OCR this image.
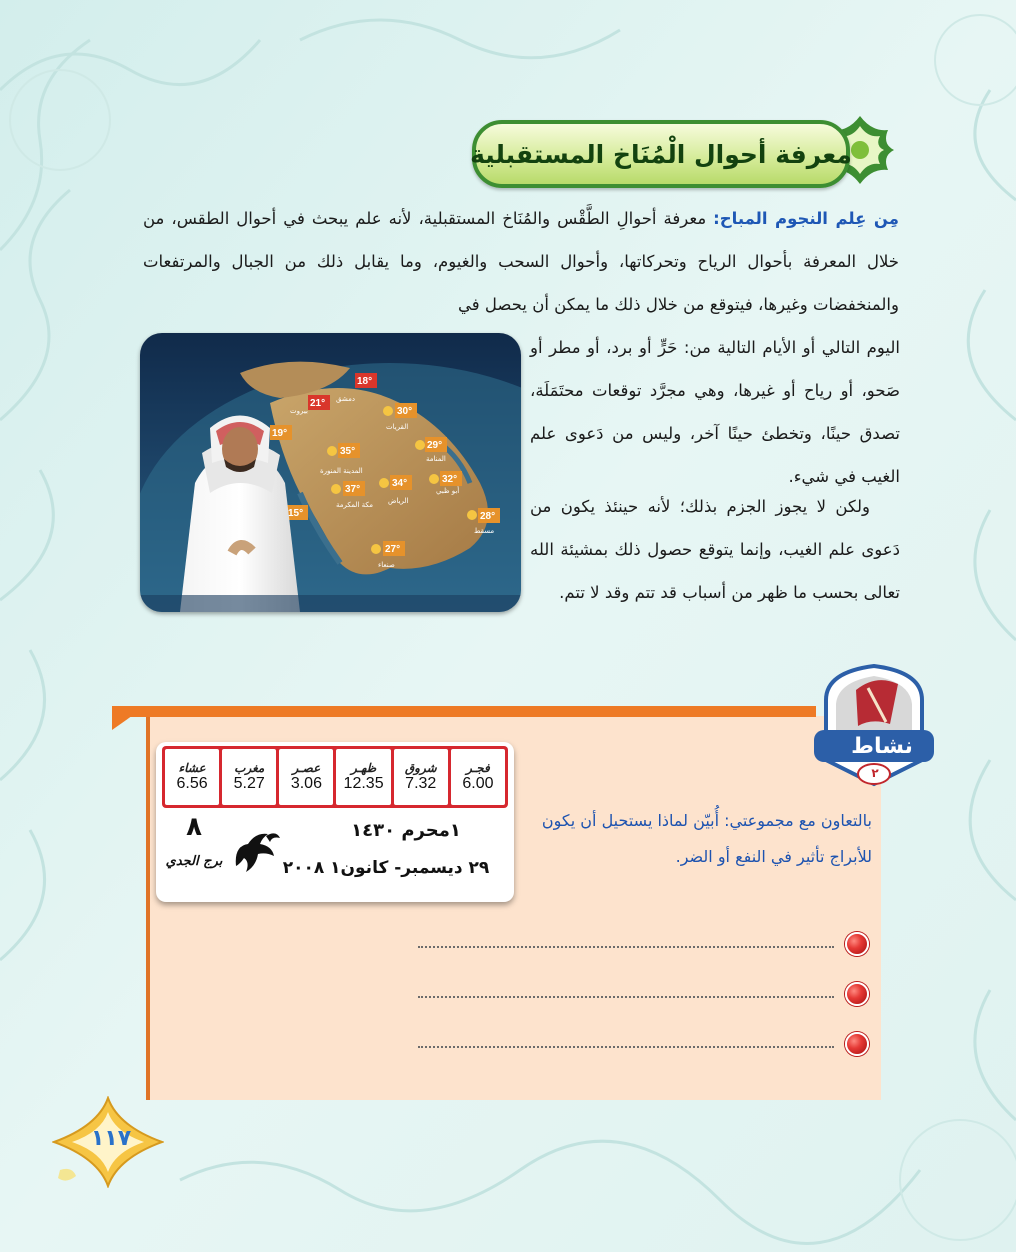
معرفة أحوال الْمُنَاخ المستقبلية

مِن عِلم النجوم المباح: معرفة أحوالِ الطَّقْس والمُنَاخ المستقبلية، لأنه علم يبحث في أحوال الطقس، من خلال المعرفة بأحوال الرياح وتحركاتها، وأحوال السحب والغيوم، وما يقابل ذلك من الجبال والمرتفعات والمنخفضات وغيرها، فيتوقع من خلال ذلك ما يمكن أن يحصل في

اليوم التالي أو الأيام التالية من: حَرٍّ أو برد، أو مطر أو صَحو، أو رياح أو غيرها، وهي مجرَّد توقعات محتَمَلَة، تصدق حينًا، وتخطئ حينًا آخر، وليس من دَعوى علم الغيب في شيء.

ولكن لا يجوز الجزم بذلك؛ لأنه حينئذ يكون من دَعوى علم الغيب، وإنما يتوقع حصول ذلك بمشيئة الله تعالى بحسب ما ظهر من أسباب قد تتم وقد لا تتم.

18°
30°
21°
19°
29°
35°
32°
34°
37°
15°	28°
27°
دمشق
القريات
بيروت
المنامة
المدينة المنورة
الرياض
مكة المكرمة
أبو ظبي
مسقط
صنعاء
نشاط
٢

بالتعاون مع مجموعتي: أُبيّن لماذا يستحيل أن يكون للأبراج تأثير في النفع أو الضر.

فجـر
6.00
شروق
7.32
ظهـر
12.35
عصـر
3.06
مغرب
5.27
عشاء
6.56
١محرم ١٤٣٠
٢٩ ديسمبر- كانون١ ٢٠٠٨
٨
برج الجدي
١١٧
